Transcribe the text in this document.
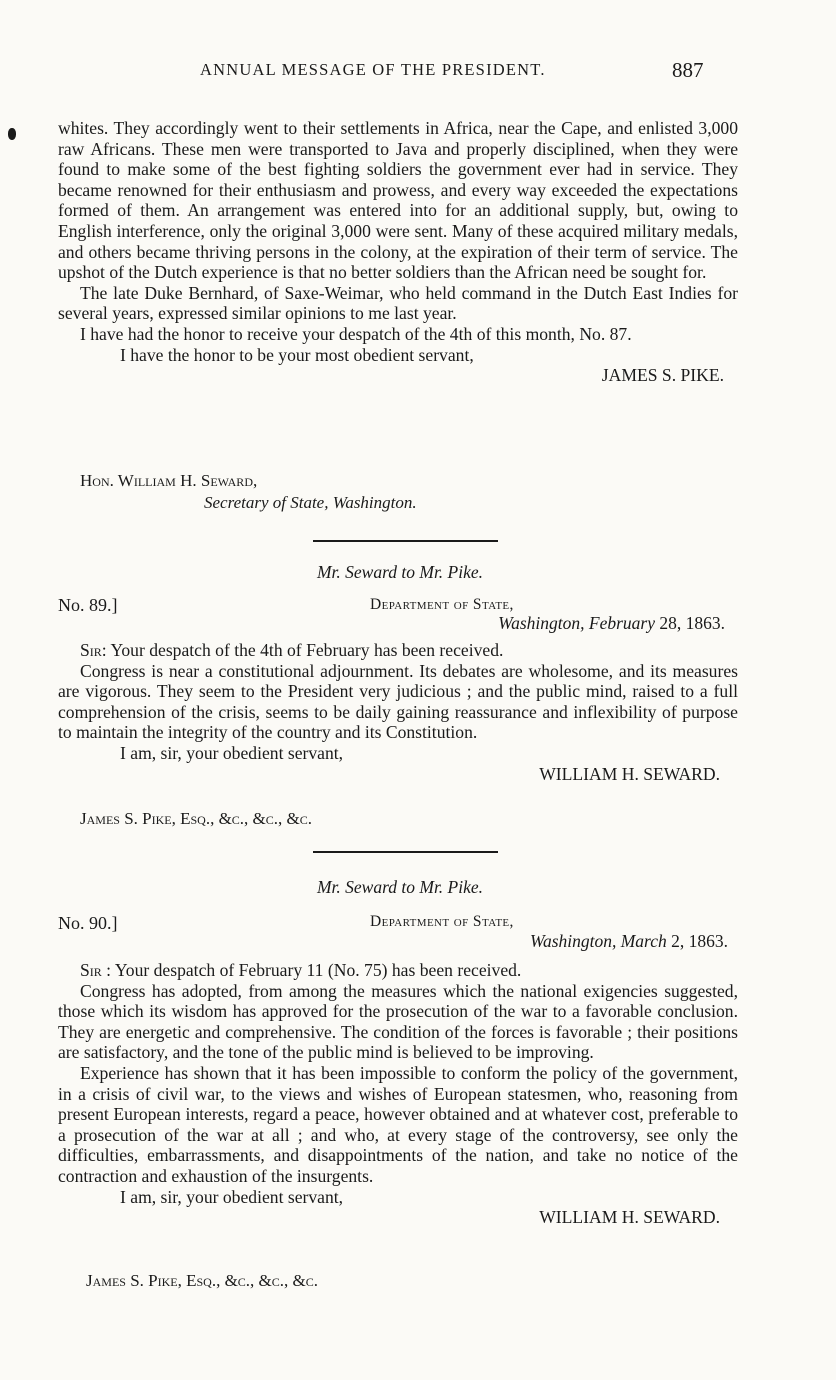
ANNUAL MESSAGE OF THE PRESIDENT.	887

whites. They accordingly went to their settlements in Africa, near the Cape, and enlisted 3,000 raw Africans. These men were transported to Java and properly disciplined, when they were found to make some of the best fighting soldiers the government ever had in service. They became renowned for their enthusiasm and prowess, and every way exceeded the expectations formed of them. An arrangement was entered into for an additional supply, but, owing to English interference, only the original 3,000 were sent. Many of these acquired military medals, and others became thriving persons in the colony, at the expiration of their term of service. The upshot of the Dutch experience is that no better soldiers than the African need be sought for.

The late Duke Bernhard, of Saxe-Weimar, who held command in the Dutch East Indies for several years, expressed similar opinions to me last year.

I have had the honor to receive your despatch of the 4th of this month, No. 87.

I have the honor to be your most obedient servant,

JAMES S. PIKE.

Hon. William H. Seward,
Secretary of State, Washington.
Mr. Seward to Mr. Pike.
No. 89.]	Department of State,
Washington, February 28, 1863.

Sir: Your despatch of the 4th of February has been received.

Congress is near a constitutional adjournment. Its debates are wholesome, and its measures are vigorous. They seem to the President very judicious ; and the public mind, raised to a full comprehension of the crisis, seems to be daily gaining reassurance and inflexibility of purpose to maintain the integrity of the country and its Constitution.

I am, sir, your obedient servant,

WILLIAM H. SEWARD.

James S. Pike, Esq., &c., &c., &c.
Mr. Seward to Mr. Pike.
No. 90.]	Department of State,
Washington, March 2, 1863.

Sir : Your despatch of February 11 (No. 75) has been received.

Congress has adopted, from among the measures which the national exigencies suggested, those which its wisdom has approved for the prosecution of the war to a favorable conclusion. They are energetic and comprehensive. The condition of the forces is favorable ; their positions are satisfactory, and the tone of the public mind is believed to be improving.

Experience has shown that it has been impossible to conform the policy of the government, in a crisis of civil war, to the views and wishes of European statesmen, who, reasoning from present European interests, regard a peace, however obtained and at whatever cost, preferable to a prosecution of the war at all ; and who, at every stage of the controversy, see only the difficulties, embarrassments, and disappointments of the nation, and take no notice of the contraction and exhaustion of the insurgents.

I am, sir, your obedient servant,

WILLIAM H. SEWARD.

James S. Pike, Esq., &c., &c., &c.
